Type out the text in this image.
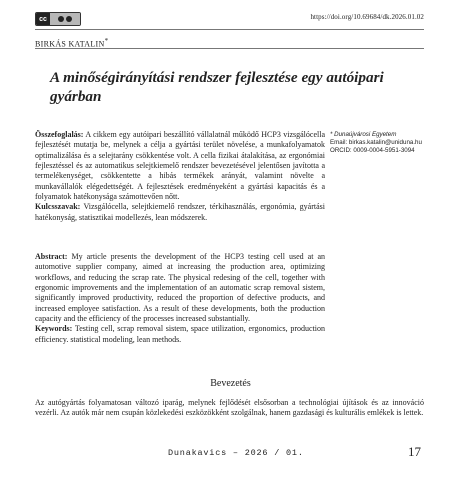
cc	https://doi.org/10.69684/dk.2026.01.02
BIRKÁS KATALIN*
A minőségirányítási rendszer fejlesztése egy autóipari gyárban
Összefoglalás: A cikkem egy autóipari beszállító vállalatnál működő HCP3 vizsgálócella fejlesztését mutatja be, melynek a célja a gyártási terület növelése, a munkafolyamatok optimalizálása és a selejtarány csökkentése volt. A cella fizikai átalakítása, az ergonómiai fejlesztéssel és az automatikus selejtkiemelő rendszer bevezetésével jelentősen javította a termelékenységet, csökkentette a hibás termékek arányát, valamint növelte a munkavállalók elégedettségét. A fejlesztések eredményeként a gyártási kapacitás és a folyamatok hatékonysága számottevően nőtt.
Kulcsszavak: Vizsgálócella, selejtkiemelő rendszer, térkihasználás, ergonómia, gyártási hatékonyság, statisztikai modellezés, lean módszerek.
* Dunaújvárosi Egyetem
Email: birkas.katalin@uniduna.hu
ORCID: 0009-0004-5951-3094
Abstract: My article presents the development of the HCP3 testing cell used at an automotive supplier company, aimed at increasing the production area, optimizing workflows, and reducing the scrap rate. The physical redesing of the cell, together with ergonomic improvements and the implementation of an automatic scrap removal sistem, significantly improved productivity, reduced the proportion of defective products, and increased employee satisfaction. As a result of these developments, both the production capacity and the efficiency of the processes increased substantially.
Keywords: Testing cell, scrap removal sistem, space utilization, ergonomics, production efficiency. statistical modeling, lean methods.
Bevezetés
Az autógyártás folyamatosan változó iparág, melynek fejlődését elsősorban a technológiai újítások és az innováció vezérli. Az autók már nem csupán közlekedési eszközökként szolgálnak, hanem gazdasági és kulturális emlékek is lettek.
Dunakavics – 2026 / 01.	17
